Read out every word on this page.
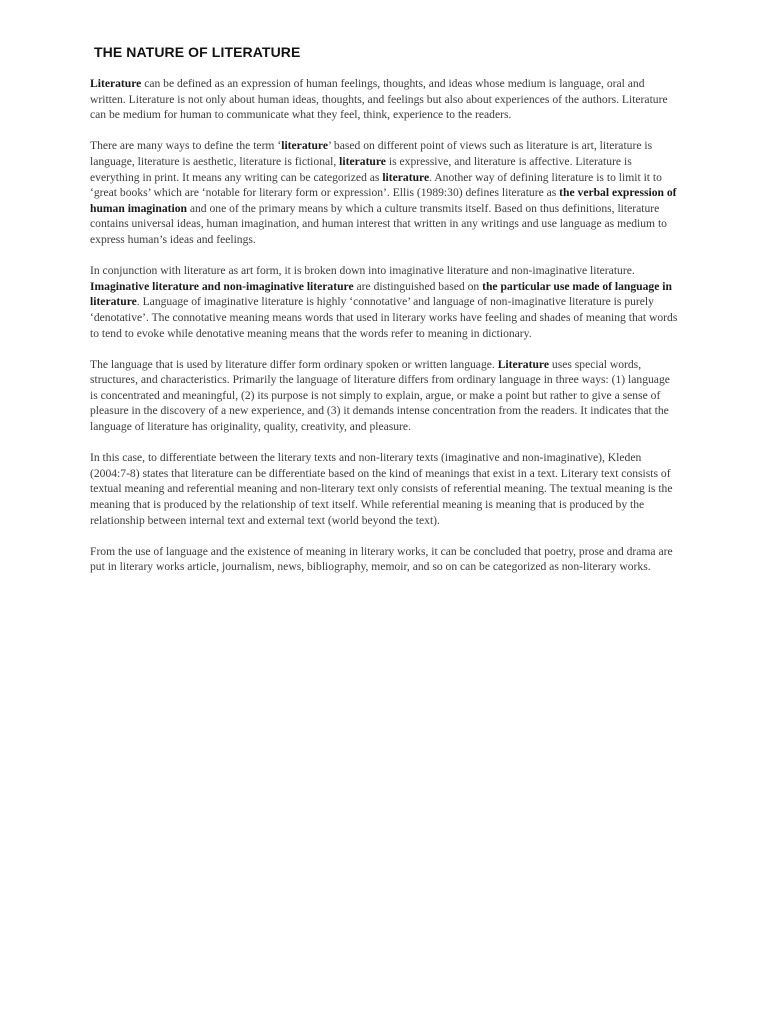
THE NATURE OF LITERATURE

Literature can be defined as an expression of human feelings, thoughts, and ideas whose medium is language, oral and written. Literature is not only about human ideas, thoughts, and feelings but also about experiences of the authors. Literature can be medium for human to communicate what they feel, think, experience to the readers.

There are many ways to define the term ‘literature’ based on different point of views such as literature is art, literature is language, literature is aesthetic, literature is fictional, literature is expressive, and literature is affective. Literature is everything in print. It means any writing can be categorized as literature. Another way of defining literature is to limit it to ‘great books’ which are ‘notable for literary form or expression’. Ellis (1989:30) defines literature as the verbal expression of human imagination and one of the primary means by which a culture transmits itself. Based on thus definitions, literature contains universal ideas, human imagination, and human interest that written in any writings and use language as medium to express human’s ideas and feelings.

In conjunction with literature as art form, it is broken down into imaginative literature and non-imaginative literature. Imaginative literature and non-imaginative literature are distinguished based on the particular use made of language in literature. Language of imaginative literature is highly ‘connotative’ and language of non-imaginative literature is purely ‘denotative’. The connotative meaning means words that used in literary works have feeling and shades of meaning that words to tend to evoke while denotative meaning means that the words refer to meaning in dictionary.

The language that is used by literature differ form ordinary spoken or written language. Literature uses special words, structures, and characteristics. Primarily the language of literature differs from ordinary language in three ways: (1) language is concentrated and meaningful, (2) its purpose is not simply to explain, argue, or make a point but rather to give a sense of pleasure in the discovery of a new experience, and (3) it demands intense concentration from the readers. It indicates that the language of literature has originality, quality, creativity, and pleasure.

In this case, to differentiate between the literary texts and non-literary texts (imaginative and non-imaginative), Kleden (2004:7-8) states that literature can be differentiate based on the kind of meanings that exist in a text. Literary text consists of textual meaning and referential meaning and non-literary text only consists of referential meaning. The textual meaning is the meaning that is produced by the relationship of text itself. While referential meaning is meaning that is produced by the relationship between internal text and external text (world beyond the text).

From the use of language and the existence of meaning in literary works, it can be concluded that poetry, prose and drama are put in literary works article, journalism, news, bibliography, memoir, and so on can be categorized as non-literary works.
